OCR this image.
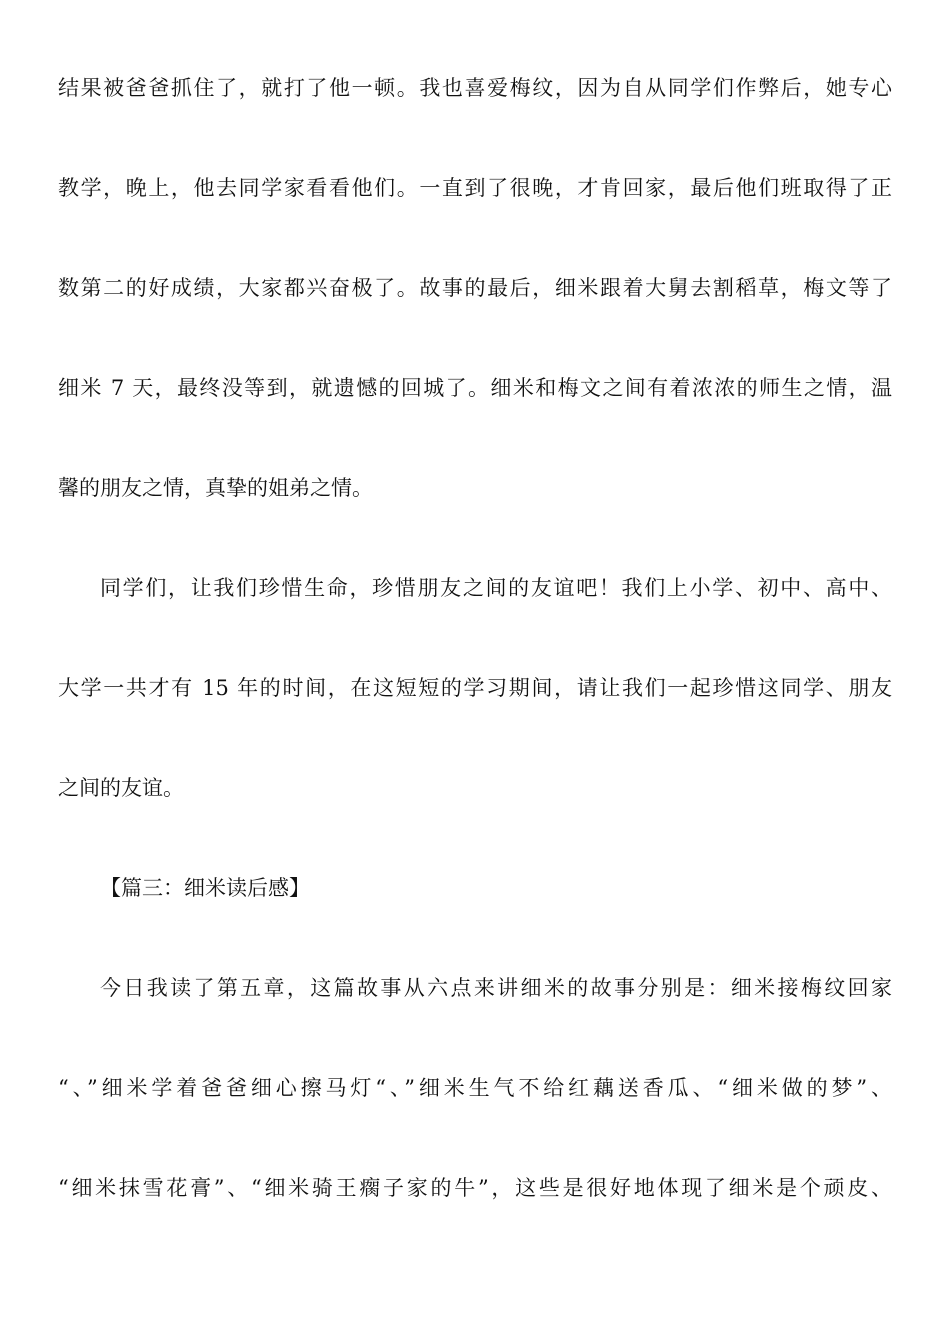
结果被爸爸抓住了，就打了他一顿。我也喜爱梅纹，因为自从同学们作弊后，她专心
教学，晚上，他去同学家看看他们。一直到了很晚，才肯回家，最后他们班取得了正
数第二的好成绩，大家都兴奋极了。故事的最后，细米跟着大舅去割稻草，梅文等了
细米 7 天，最终没等到，就遗憾的回城了。细米和梅文之间有着浓浓的师生之情，温
馨的朋友之情，真挚的姐弟之情。
同学们，让我们珍惜生命，珍惜朋友之间的友谊吧！我们上小学、初中、高中、
大学一共才有 15 年的时间，在这短短的学习期间，请让我们一起珍惜这同学、朋友
之间的友谊。
【篇三：细米读后感】
今日我读了第五章，这篇故事从六点来讲细米的故事分别是：细米接梅纹回家
“、”细米学着爸爸细心擦马灯“、”细米生气不给红藕送香瓜、“细米做的梦”、
“细米抹雪花膏”、“细米骑王瘸子家的牛”，这些是很好地体现了细米是个顽皮、
